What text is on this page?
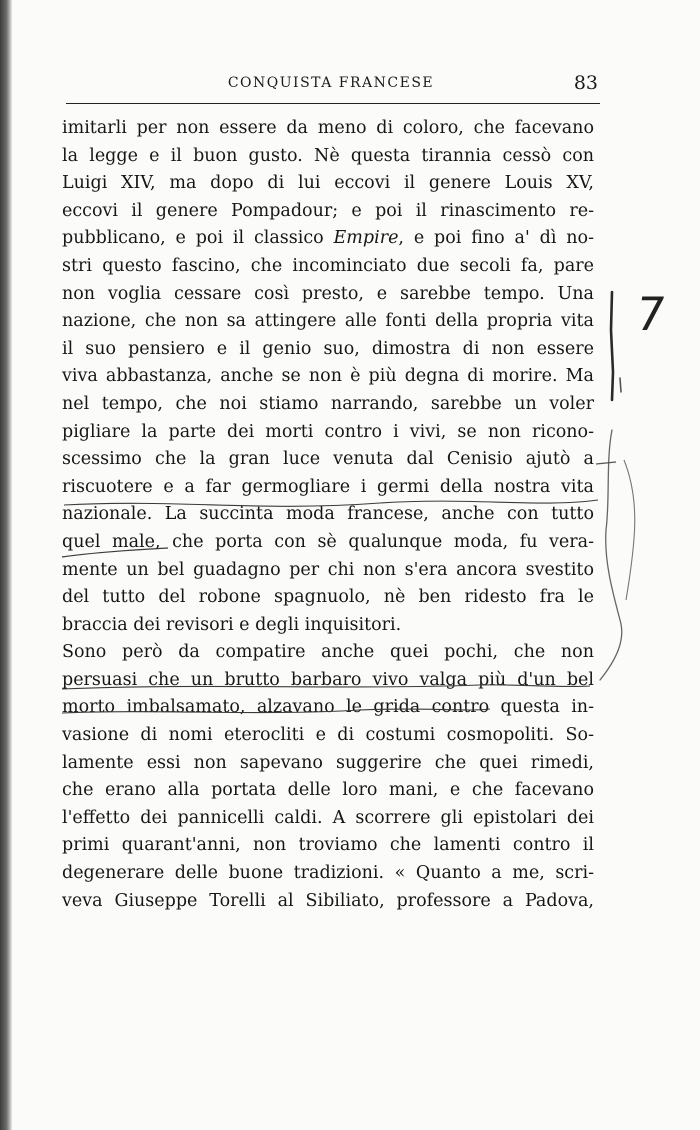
CONQUISTA FRANCESE	83
imitarli per non essere da meno di coloro, che facevano
la legge e il buon gusto. Nè questa tirannia cessò con
Luigi XIV, ma dopo di lui eccovi il genere Louis XV,
eccovi il genere Pompadour; e poi il rinascimento re-
pubblicano, e poi il classico Empire, e poi fino a' dì no-
stri questo fascino, che incominciato due secoli fa, pare
non voglia cessare così presto, e sarebbe tempo. Una
nazione, che non sa attingere alle fonti della propria vita
il suo pensiero e il genio suo, dimostra di non essere
viva abbastanza, anche se non è più degna di morire. Ma
nel tempo, che noi stiamo narrando, sarebbe un voler
pigliare la parte dei morti contro i vivi, se non ricono-
scessimo che la gran luce venuta dal Cenisio ajutò a
riscuotere e a far germogliare i germi della nostra vita
nazionale. La succinta moda francese, anche con tutto
quel male, che porta con sè qualunque moda, fu vera-
mente un bel guadagno per chi non s'era ancora svestito
del tutto del robone spagnuolo, nè ben ridesto fra le
braccia dei revisori e degli inquisitori.
Sono però da compatire anche quei pochi, che non
persuasi che un brutto barbaro vivo valga più d'un bel
morto imbalsamato, alzavano le grida contro questa in-
vasione di nomi eterocliti e di costumi cosmopoliti. So-
lamente essi non sapevano suggerire che quei rimedi,
che erano alla portata delle loro mani, e che facevano
l'effetto dei pannicelli caldi. A scorrere gli epistolari dei
primi quarant'anni, non troviamo che lamenti contro il
degenerare delle buone tradizioni. « Quanto a me, scri-
veva Giuseppe Torelli al Sibiliato, professore a Padova,
7
